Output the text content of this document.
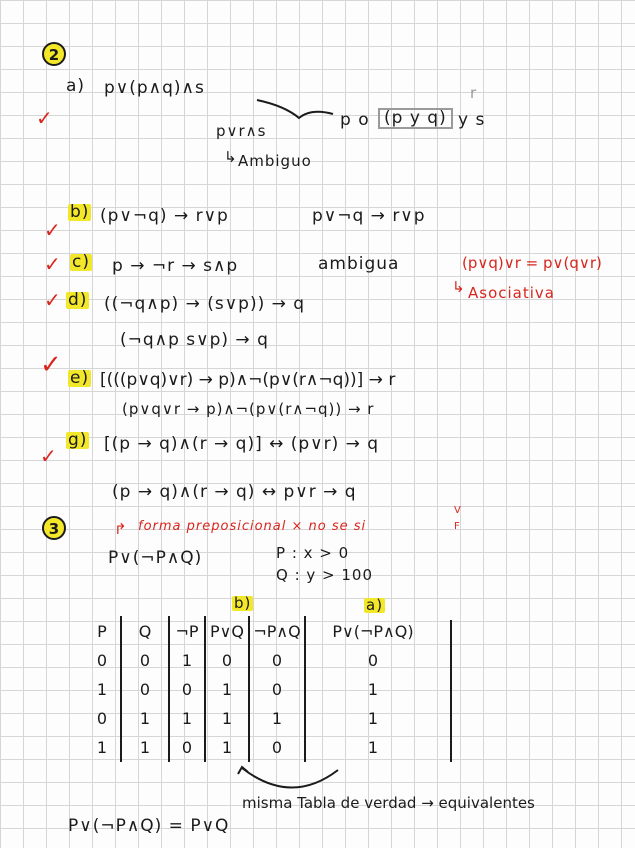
2
✓
a) p∨(p∧q)∧s
p∨r∧s
Ambiguo
↳
p o (p y q) y s
r
✓
b) (p∨¬q) → r∨p	p∨¬q → r∨p
✓ c) p → ¬r → s∧p	ambigua	(p∨q)∨r = p∨(q∨r)
Asociativa
↳
✓ d) ((¬q∧p) → (s∨p)) → q
(¬q∧p s∨p) → q
✓ e) [(((p∨q)∨r) → p)∧¬(p∨(r∧¬q))] → r
(p∨q∨r → p)∧¬(p∨(r∧¬q)) → r
✓
g) [(p → q)∧(r → q)] ↔ (p∨r) → q
(p → q)∧(r → q) ↔ p∨r → q
3	↱ forma preposicional × no se si
V
F
P∨(¬P∧Q)	P : x > 0
Q : y > 100
b)	a)
P	Q	¬P	P∨Q	¬P∧Q	P∨(¬P∧Q)
0	0	1	0	0	0
1	0	0	1	0	1
0	1	1	1	1	1
1	1	0	1	0	1
misma Tabla de verdad → equivalentes
P∨(¬P∧Q) = P∨Q
